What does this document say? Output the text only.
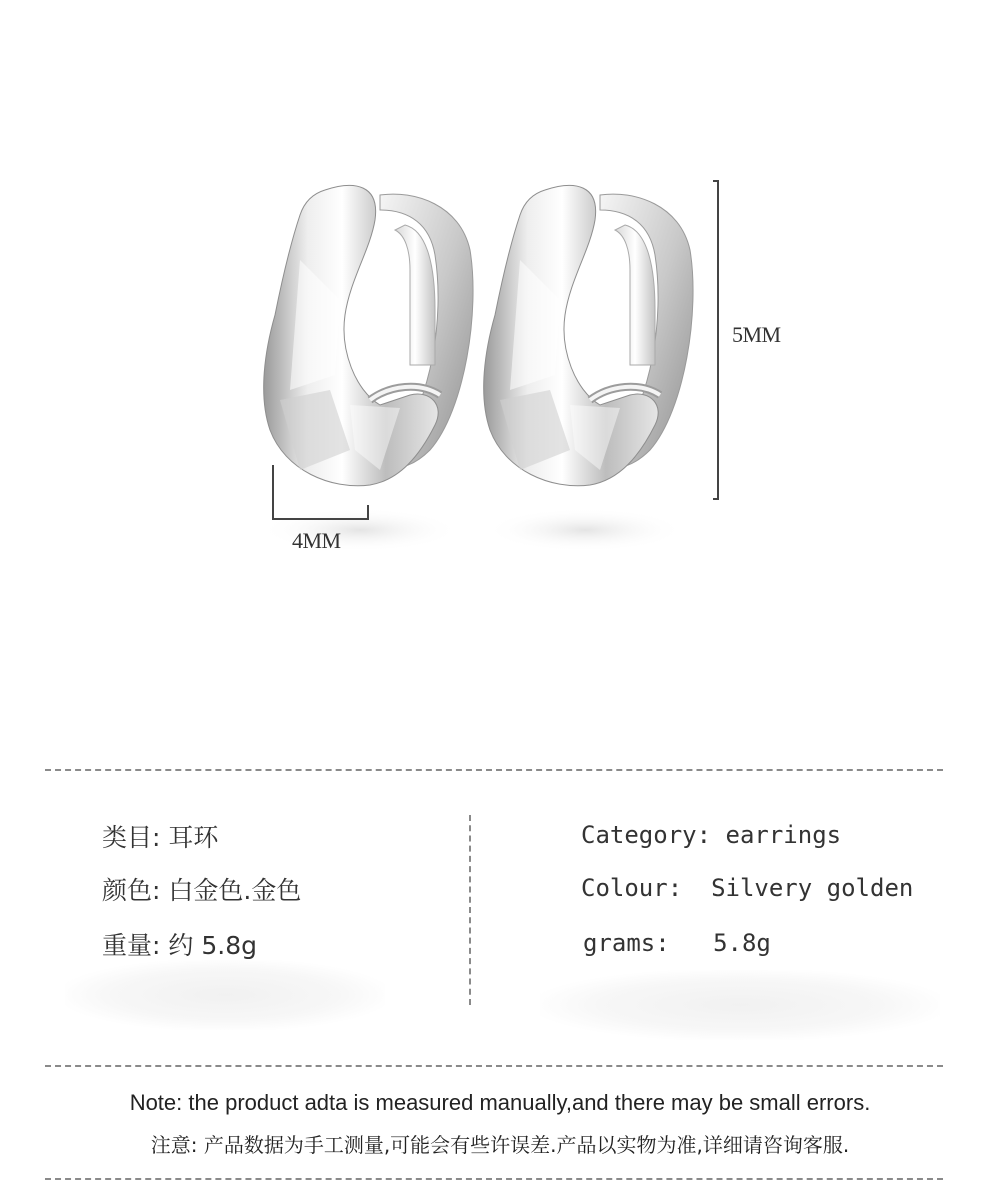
5MM
4MM
类目: 耳环
颜色: 白金色.金色
重量: 约 5.8g
Category: earrings
Colour: Silvery golden
grams: 5.8g
Note: the product adta is measured manually,and there may be small errors.
注意: 产品数据为手工测量,可能会有些许误差.产品以实物为准,详细请咨询客服.
